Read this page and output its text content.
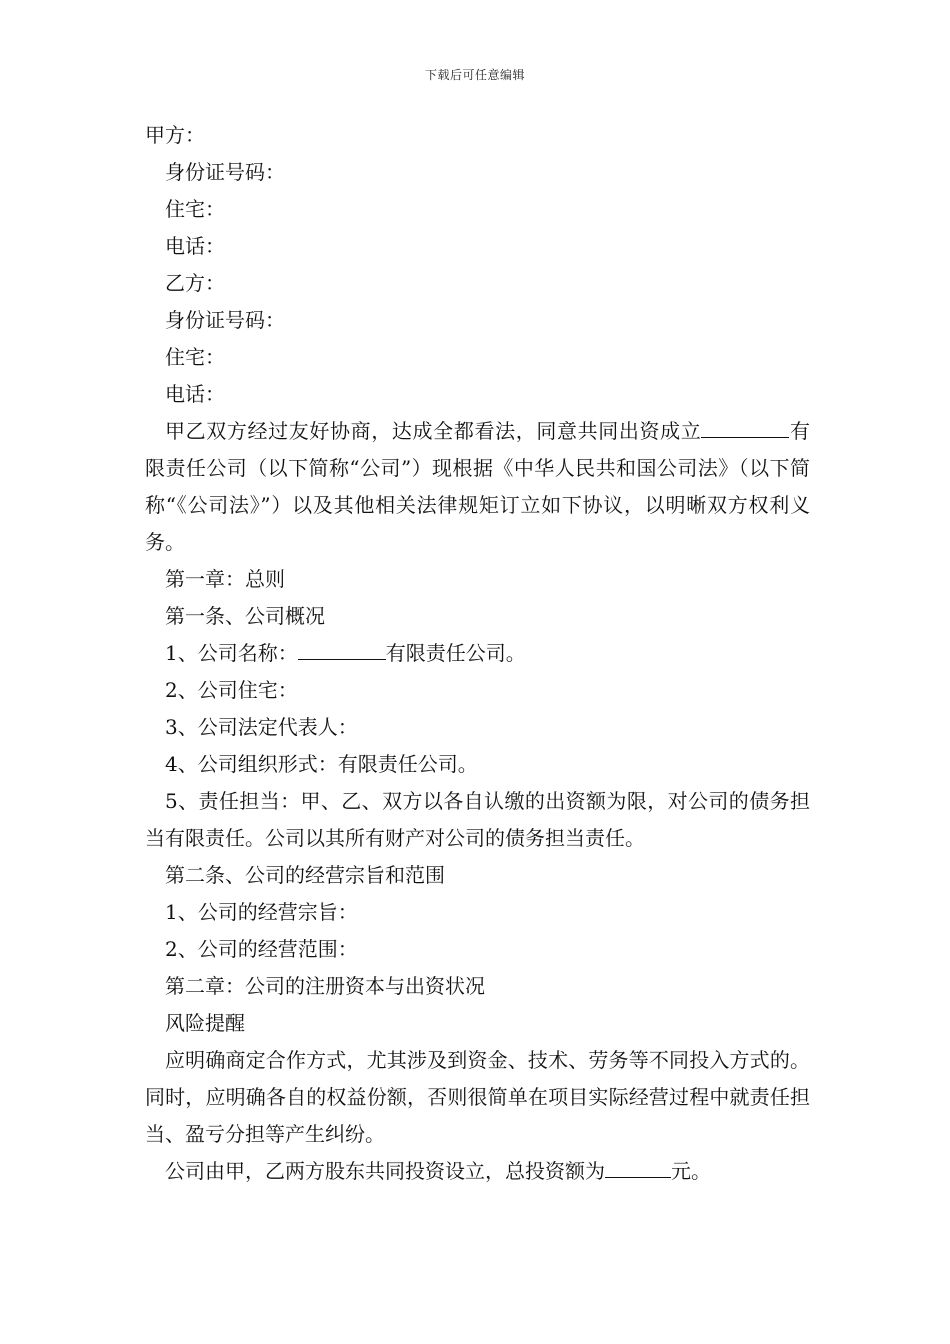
下载后可任意编辑
甲方：
身份证号码：
住宅：
电话：
乙方：
身份证号码：
住宅：
电话：
甲乙双方经过友好协商，达成全都看法，同意共同出资成立	有限责任公司（以下简称“公司”）现根据《中华人民共和国公司法》（以下简称“《公司法》”）以及其他相关法律规矩订立如下协议，以明晰双方权利义务。
第一章：总则
第一条、公司概况
1、公司名称：	有限责任公司。
2、公司住宅：
3、公司法定代表人：
4、公司组织形式：有限责任公司。
5、责任担当：甲、乙、双方以各自认缴的出资额为限，对公司的债务担当有限责任。公司以其所有财产对公司的债务担当责任。
第二条、公司的经营宗旨和范围
1、公司的经营宗旨：
2、公司的经营范围：
第二章：公司的注册资本与出资状况
风险提醒
应明确商定合作方式，尤其涉及到资金、技术、劳务等不同投入方式的。同时，应明确各自的权益份额，否则很简单在项目实际经营过程中就责任担当、盈亏分担等产生纠纷。
公司由甲，乙两方股东共同投资设立，总投资额为	元。
